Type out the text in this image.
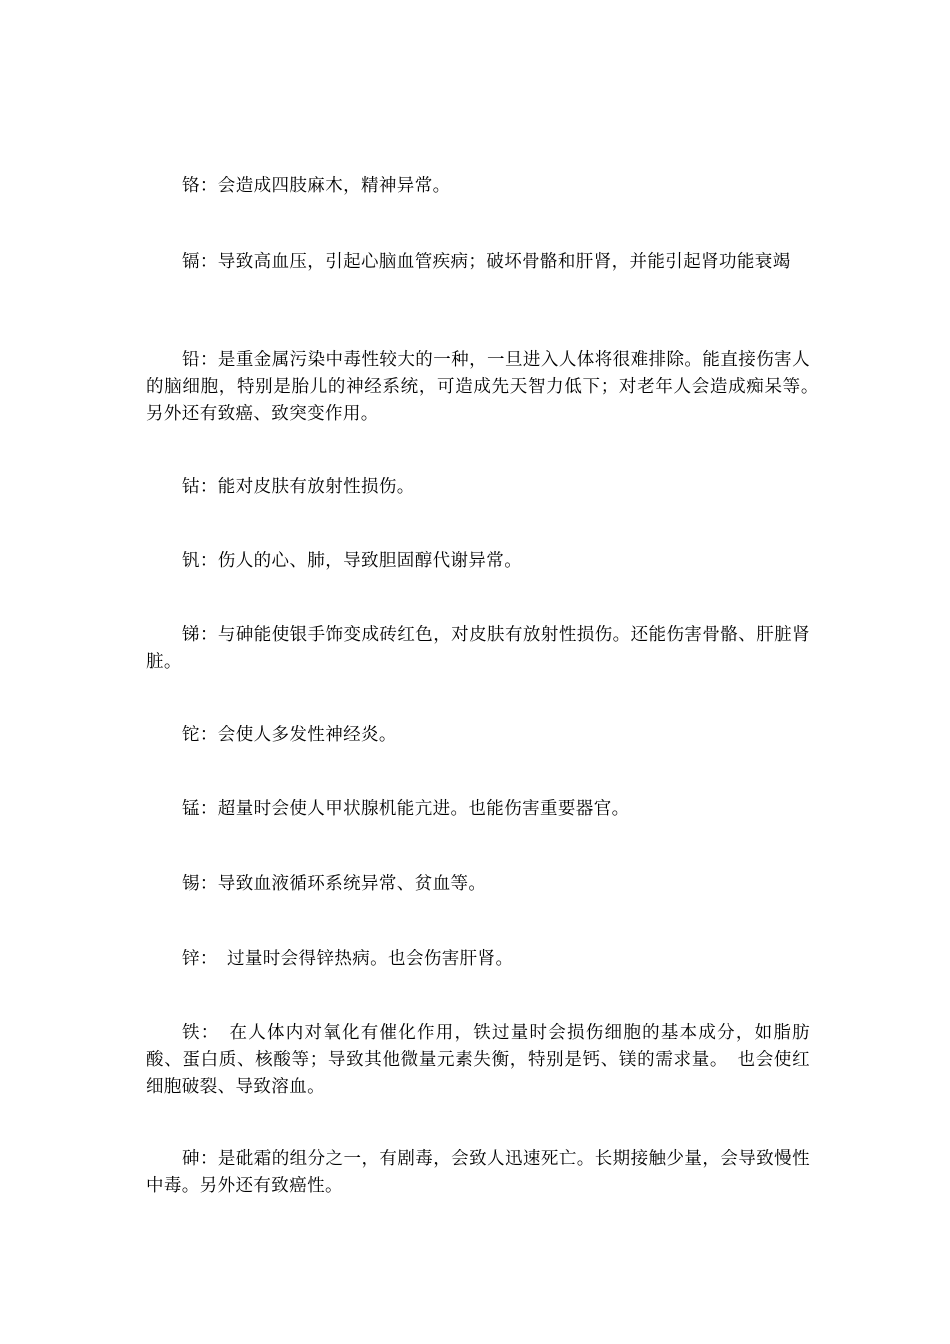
铬：会造成四肢麻木，精神异常。

镉：导致高血压，引起心脑血管疾病；破坏骨骼和肝肾，并能引起肾功能衰竭

铅：是重金属污染中毒性较大的一种，一旦进入人体将很难排除。能直接伤害人的脑细胞，特别是胎儿的神经系统，可造成先天智力低下；对老年人会造成痴呆等。　另外还有致癌、致突变作用。

钴：能对皮肤有放射性损伤。

钒：伤人的心、肺，导致胆固醇代谢异常。

锑：与砷能使银手饰变成砖红色，对皮肤有放射性损伤。还能伤害骨骼、肝脏肾脏。

铊：会使人多发性神经炎。

锰：超量时会使人甲状腺机能亢进。也能伤害重要器官。

锡：导致血液循环系统异常、贫血等。

锌：　过量时会得锌热病。也会伤害肝肾。

铁：　在人体内对氧化有催化作用，铁过量时会损伤细胞的基本成分，如脂肪酸、蛋白质、核酸等；导致其他微量元素失衡，特别是钙、镁的需求量。　也会使红细胞破裂、导致溶血。

砷：是砒霜的组分之一，有剧毒，会致人迅速死亡。长期接触少量，会导致慢性中毒。另外还有致癌性。
